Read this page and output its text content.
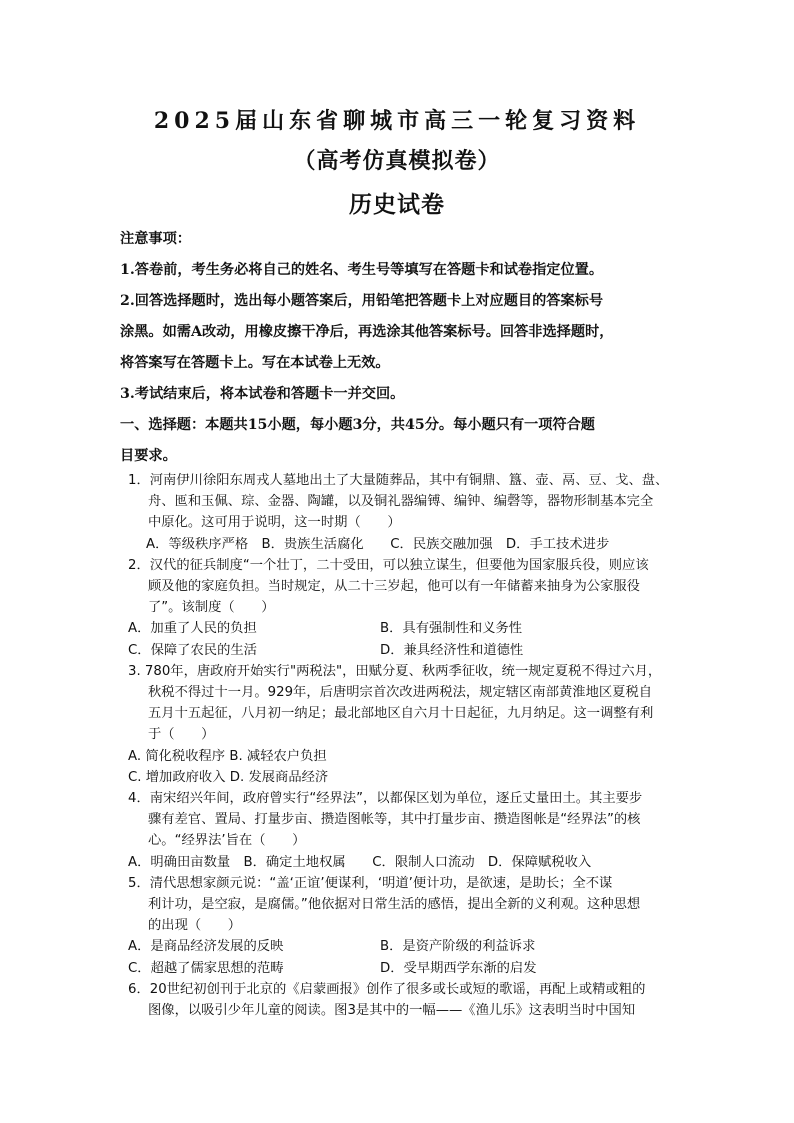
2025届山东省聊城市高三一轮复习资料
（高考仿真模拟卷）
历史试卷

注意事项：

1.答卷前，考生务必将自己的姓名、考生号等填写在答题卡和试卷指定位置。

2.回答选择题时，选出每小题答案后，用铅笔把答题卡上对应题目的答案标号

涂黑。如需A改动，用橡皮擦干净后，再选涂其他答案标号。回答非选择题时，

将答案写在答题卡上。写在本试卷上无效。

3.考试结束后，将本试卷和答题卡一并交回。

一、选择题：本题共15小题，每小题3分，共45分。每小题只有一项符合题

目要求。

1．河南伊川徐阳东周戎人墓地出土了大量随葬品，其中有铜鼎、簋、壶、鬲、豆、戈、盘、
舟、匜和玉佩、琮、金器、陶罐，以及铜礼器编镈、编钟、编磬等，器物形制基本完全
中原化。这可用于说明，这一时期（　　）
A．等级秩序严格　B．贵族生活腐化　　C．民族交融加强　D．手工技术进步
2．汉代的征兵制度“一个壮丁，二十受田，可以独立谋生，但要他为国家服兵役，则应该
顾及他的家庭负担。当时规定，从二十三岁起，他可以有一年储蓄来抽身为公家服役
了”。该制度（　　）
A．加重了人民的负担	B．具有强制性和义务性
C．保障了农民的生活	D．兼具经济性和道德性
3. 780年，唐政府开始实行"两税法"，田赋分夏、秋两季征收，统一规定夏税不得过六月，
秋税不得过十一月。929年，后唐明宗首次改进两税法，规定辖区南部黄淮地区夏税自
五月十五起征，八月初一纳足；最北部地区自六月十日起征，九月纳足。这一调整有利
于（　　）
A. 简化税收程序 B. 减轻农户负担
C. 增加政府收入 D. 发展商品经济
4．南宋绍兴年间，政府曾实行“经界法”，以都保区划为单位，逐丘丈量田土。其主要步
骤有差官、置局、打量步亩、攒造图帐等，其中打量步亩、攒造图帐是“经界法”的核
心。“经界法’旨在（　　）
A．明确田亩数量　B．确定土地权属　　C．限制人口流动　D．保障赋税收入
5．清代思想家颜元说：“盖‘正谊’便谋利，‘明道’便计功，是欲速，是助长；全不谋
利计功，是空寂，是腐儒。”他依据对日常生活的感悟，提出全新的义利观。这种思想
的出现（　　）
A．是商品经济发展的反映	B．是资产阶级的利益诉求
C．超越了儒家思想的范畴	D．受早期西学东渐的启发
6．20世纪初创刊于北京的《启蒙画报》创作了很多或长或短的歌谣，再配上或精或粗的
图像，以吸引少年儿童的阅读。图3是其中的一幅——《渔儿乐》这表明当时中国知
